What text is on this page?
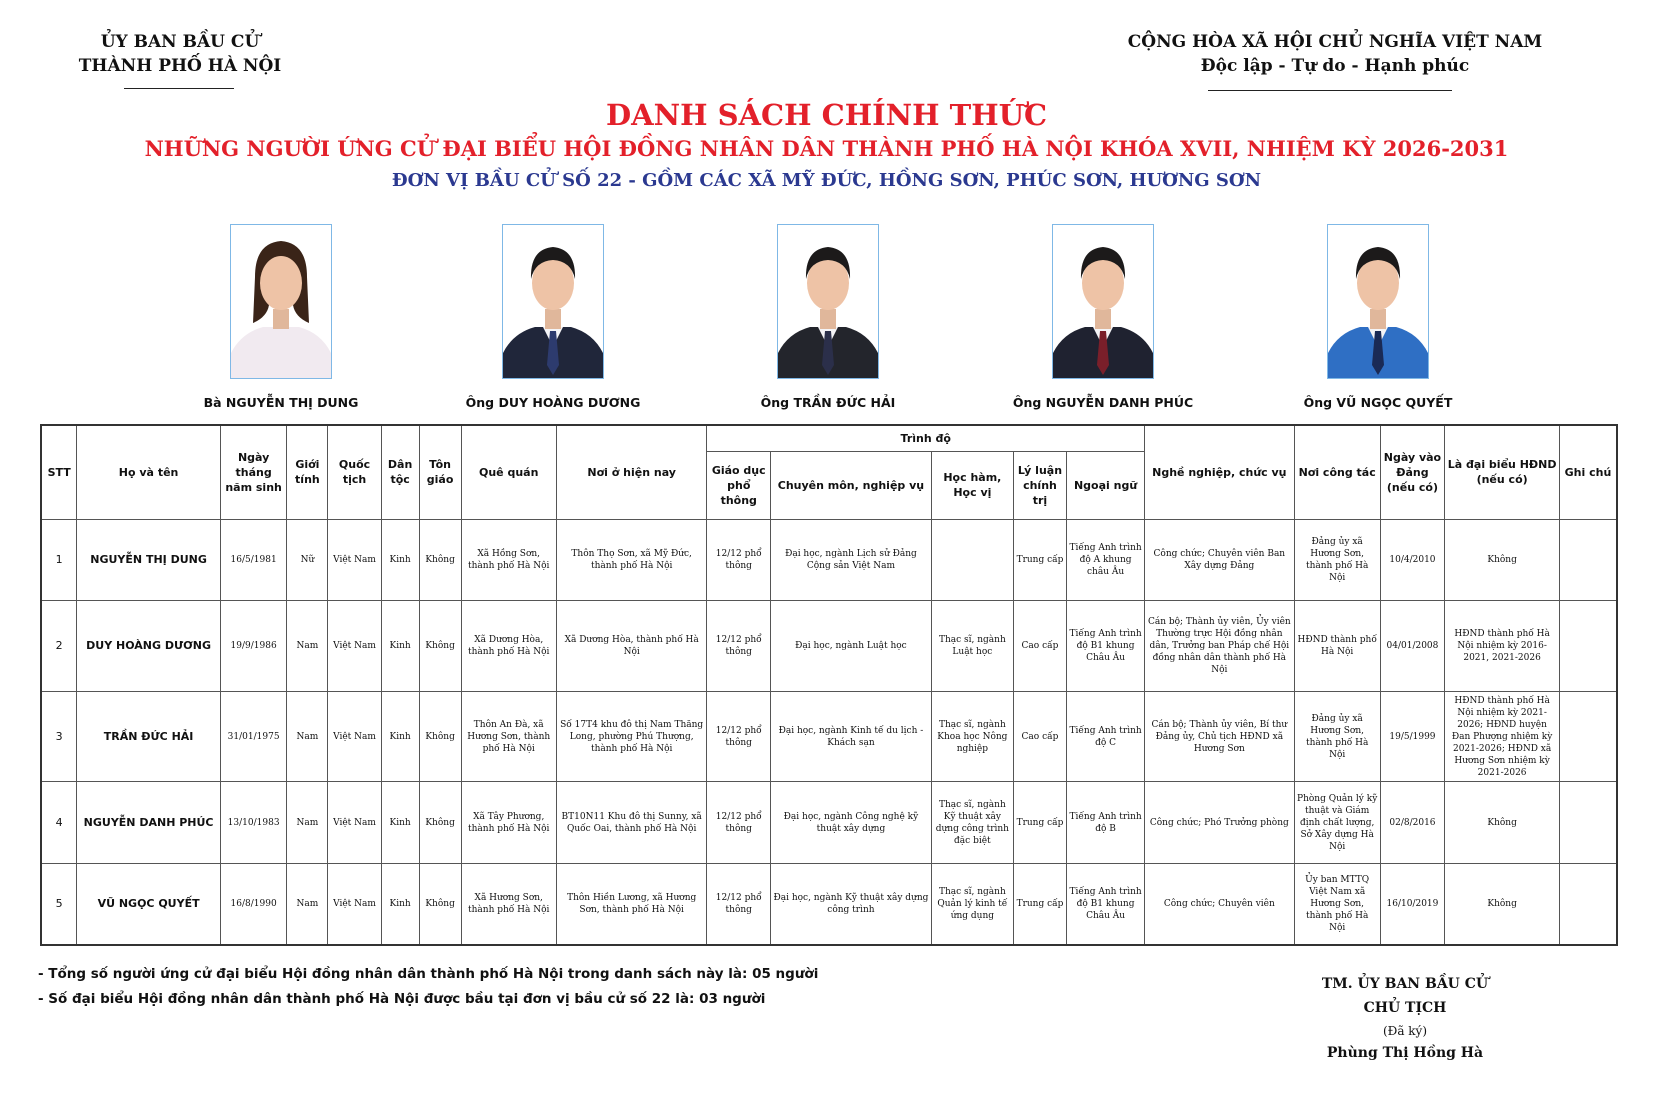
ỦY BAN BẦU CỬ
THÀNH PHỐ HÀ NỘI
CỘNG HÒA XÃ HỘI CHỦ NGHĨA VIỆT NAM
Độc lập - Tự do - Hạnh phúc
DANH SÁCH CHÍNH THỨC
NHỮNG NGƯỜI ỨNG CỬ ĐẠI BIỂU HỘI ĐỒNG NHÂN DÂN THÀNH PHỐ HÀ NỘI KHÓA XVII, NHIỆM KỲ 2026-2031
ĐƠN VỊ BẦU CỬ SỐ 22 - GỒM CÁC XÃ MỸ ĐỨC, HỒNG SƠN, PHÚC SƠN, HƯƠNG SƠN
Bà NGUYỄN THỊ DUNG	Ông DUY HOÀNG DƯƠNG	Ông TRẦN ĐỨC HẢI	Ông NGUYỄN DANH PHÚC	Ông VŨ NGỌC QUYẾT
STT	Họ và tên	Ngày tháng năm sinh	Giới tính	Quốc tịch	Dân tộc	Tôn giáo	Quê quán	Nơi ở hiện nay	Trình độ					Nghề nghiệp, chức vụ	Nơi công tác	Ngày vào Đảng (nếu có)	Là đại biểu HĐND (nếu có)	Ghi chú
									Giáo dục phổ thông	Chuyên môn, nghiệp vụ	Học hàm, Học vị	Lý luận chính trị	Ngoại ngữ					
1	NGUYỄN THỊ DUNG	16/5/1981	Nữ	Việt Nam	Kinh	Không	Xã Hồng Sơn, thành phố Hà Nội	Thôn Thọ Sơn, xã Mỹ Đức, thành phố Hà Nội	12/12 phổ thông	Đại học, ngành Lịch sử Đảng Cộng sản Việt Nam		Trung cấp	Tiếng Anh trình độ A khung châu Âu	Công chức; Chuyên viên Ban Xây dựng Đảng	Đảng ủy xã Hương Sơn, thành phố Hà Nội	10/4/2010	Không	
2	DUY HOÀNG DƯƠNG	19/9/1986	Nam	Việt Nam	Kinh	Không	Xã Dương Hòa, thành phố Hà Nội	Xã Dương Hòa, thành phố Hà Nội	12/12 phổ thông	Đại học, ngành Luật học	Thạc sĩ, ngành Luật học	Cao cấp	Tiếng Anh trình độ B1 khung Châu Âu	Cán bộ; Thành ủy viên, Ủy viên Thường trực Hội đồng nhân dân, Trưởng ban Pháp chế Hội đồng nhân dân thành phố Hà Nội	HĐND thành phố Hà Nội	04/01/2008	HĐND thành phố Hà Nội nhiệm kỳ 2016-2021, 2021-2026	
3	TRẦN ĐỨC HẢI	31/01/1975	Nam	Việt Nam	Kinh	Không	Thôn An Đà, xã Hương Sơn, thành phố Hà Nội	Số 17T4 khu đô thị Nam Thăng Long, phường Phú Thượng, thành phố Hà Nội	12/12 phổ thông	Đại học, ngành Kinh tế du lịch - Khách sạn	Thạc sĩ, ngành Khoa học Nông nghiệp	Cao cấp	Tiếng Anh trình độ C	Cán bộ; Thành ủy viên, Bí thư Đảng ủy, Chủ tịch HĐND xã Hương Sơn	Đảng ủy xã Hương Sơn, thành phố Hà Nội	19/5/1999	HĐND thành phố Hà Nội nhiệm kỳ 2021-2026; HĐND huyện Đan Phượng nhiệm kỳ 2021-2026; HĐND xã Hương Sơn nhiệm kỳ 2021-2026	
4	NGUYỄN DANH PHÚC	13/10/1983	Nam	Việt Nam	Kinh	Không	Xã Tây Phương, thành phố Hà Nội	BT10N11 Khu đô thị Sunny, xã Quốc Oai, thành phố Hà Nội	12/12 phổ thông	Đại học, ngành Công nghệ kỹ thuật xây dựng	Thạc sĩ, ngành Kỹ thuật xây dựng công trình đặc biệt	Trung cấp	Tiếng Anh trình độ B	Công chức; Phó Trưởng phòng	Phòng Quản lý kỹ thuật và Giám định chất lượng, Sở Xây dựng Hà Nội	02/8/2016	Không	
5	VŨ NGỌC QUYẾT	16/8/1990	Nam	Việt Nam	Kinh	Không	Xã Hương Sơn, thành phố Hà Nội	Thôn Hiền Lương, xã Hương Sơn, thành phố Hà Nội	12/12 phổ thông	Đại học, ngành Kỹ thuật xây dựng công trình	Thạc sĩ, ngành Quản lý kinh tế ứng dụng	Trung cấp	Tiếng Anh trình độ B1 khung Châu Âu	Công chức; Chuyên viên	Ủy ban MTTQ Việt Nam xã Hương Sơn, thành phố Hà Nội	16/10/2019	Không	
- Tổng số người ứng cử đại biểu Hội đồng nhân dân thành phố Hà Nội trong danh sách này là: 05 người
- Số đại biểu Hội đồng nhân dân thành phố Hà Nội được bầu tại đơn vị bầu cử số 22 là: 03 người
TM. ỦY BAN BẦU CỬ
CHỦ TỊCH
(Đã ký)
Phùng Thị Hồng Hà
